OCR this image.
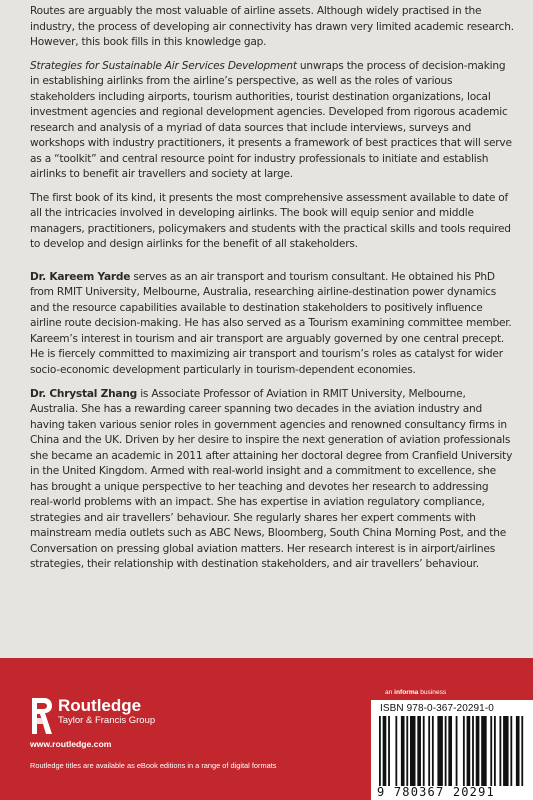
Routes are arguably the most valuable of airline assets. Although widely practised in the industry, the process of developing air connectivity has drawn very limited academic research. However, this book fills in this knowledge gap.

Strategies for Sustainable Air Services Development unwraps the process of decision-making in establishing airlinks from the airline’s perspective, as well as the roles of various stakeholders including airports, tourism authorities, tourist destination organizations, local investment agencies and regional development agencies. Developed from rigorous academic research and analysis of a myriad of data sources that include interviews, surveys and workshops with industry practitioners, it presents a framework of best practices that will serve as a “toolkit” and central resource point for industry professionals to initiate and establish airlinks to benefit air travellers and society at large.

The first book of its kind, it presents the most comprehensive assessment available to date of all the intricacies involved in developing airlinks. The book will equip senior and middle managers, practitioners, policymakers and students with the practical skills and tools required to develop and design airlinks for the benefit of all stakeholders.

Dr. Kareem Yarde serves as an air transport and tourism consultant. He obtained his PhD from RMIT University, Melbourne, Australia, researching airline-destination power dynamics and the resource capabilities available to destination stakeholders to positively influence airline route decision-making. He has also served as a Tourism examining committee member. Kareem’s interest in tourism and air transport are arguably governed by one central precept. He is fiercely committed to maximizing air transport and tourism’s roles as catalyst for wider socio-economic development particularly in tourism-dependent economies.

Dr. Chrystal Zhang is Associate Professor of Aviation in RMIT University, Melbourne, Australia. She has a rewarding career spanning two decades in the aviation industry and having taken various senior roles in government agencies and renowned consultancy firms in China and the UK. Driven by her desire to inspire the next generation of aviation professionals she became an academic in 2011 after attaining her doctoral degree from Cranfield University in the United Kingdom. Armed with real-world insight and a commitment to excellence, she has brought a unique perspective to her teaching and devotes her research to addressing real-world problems with an impact. She has expertise in aviation regulatory compliance, strategies and air travellers’ behaviour. She regularly shares her expert comments with mainstream media outlets such as ABC News, Bloomberg, South China Morning Post, and the Conversation on pressing global aviation matters. Her research interest is in airport/airlines strategies, their relationship with destination stakeholders, and air travellers’ behaviour.

Routledge
Taylor & Francis Group
www.routledge.com
Routledge titles are available as eBook editions in a range of digital formats
an informa business
ISBN 978-0-367-20291-0
9 780367 20291
